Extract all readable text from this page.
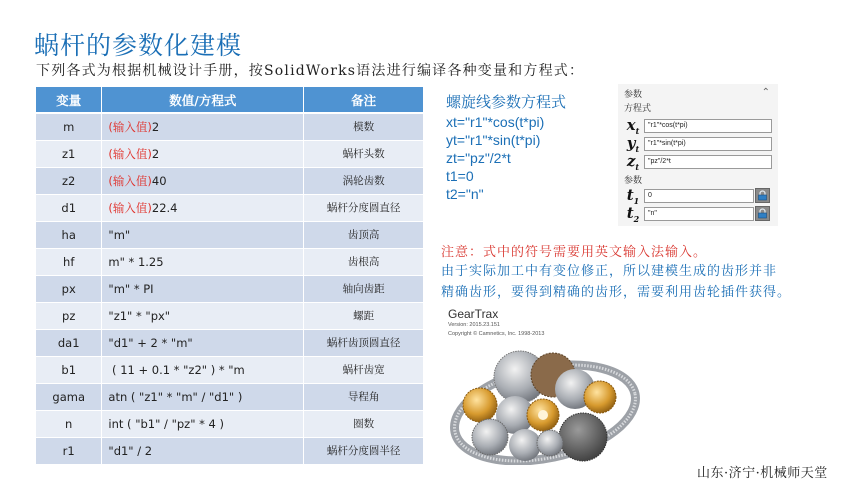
蜗杆的参数化建模
下列各式为根据机械设计手册，按SolidWorks语法进行编译各种变量和方程式：
变量	数值/方程式	备注
m	(输入值)2	模数
z1	(输入值)2	蜗杆头数
z2	(输入值)40	涡轮齿数
d1	(输入值)22.4	蜗杆分度圆直径
ha	"m"	齿顶高
hf	m" * 1.25	齿根高
px	"m" * PI	轴向齿距
pz	"z1" * "px"	螺距
da1	"d1" + 2 * "m"	蜗杆齿顶圆直径
b1	( 11 + 0.1 * "z2" ) * "m	蜗杆齿宽
gama	atn ( "z1" * "m" / "d1" )	导程角
n	int ( "b1" / "pz" * 4 )	圈数
r1	"d1" / 2	蜗杆分度圆半径
螺旋线参数方程式
xt="r1"*cos(t*pi)
yt="r1"*sin(t*pi)
zt="pz"/2*t
t1=0
t2="n"
参数	⌃
方程式
$x_t$
"r1"*cos(t*pi)
$y_t$
"r1"*sin(t*pi)
$z_t$
"pz"/2*t
参数
$t_1$
0
$t_2$
"n"
注意：式中的符号需要用英文输入法输入。
由于实际加工中有变位修正，所以建模生成的齿形并非
精确齿形，要得到精确的齿形，需要利用齿轮插件获得。
GearTrax
Version: 2015.23.151
Copyright © Camnetics, Inc. 1998-2013
山东·济宁·机械师天堂
